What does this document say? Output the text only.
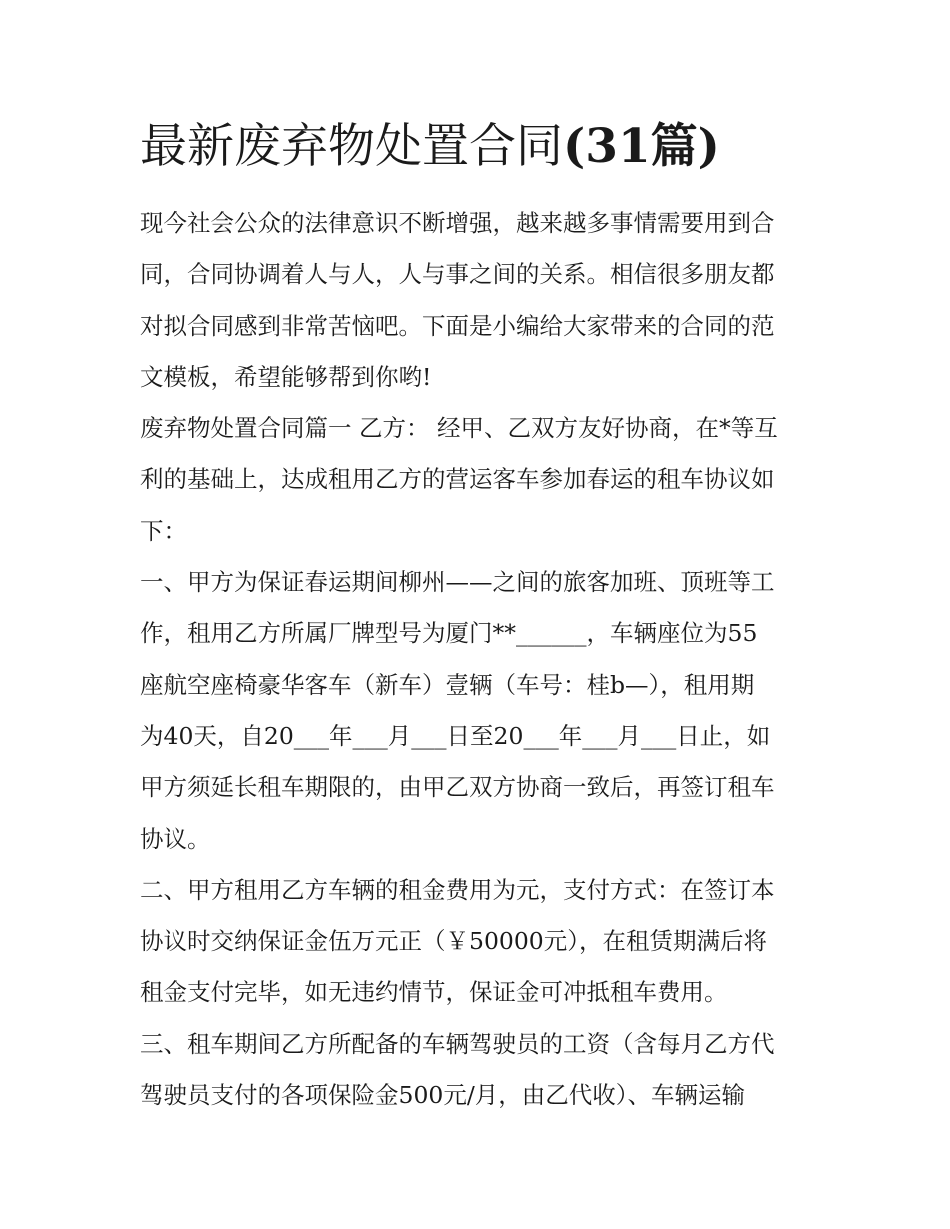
最新废弃物处置合同(31篇)
现今社会公众的法律意识不断增强，越来越多事情需要用到合
同，合同协调着人与人，人与事之间的关系。相信很多朋友都
对拟合同感到非常苦恼吧。下面是小编给大家带来的合同的范
文模板，希望能够帮到你哟!
废弃物处置合同篇一 乙方： 经甲、乙双方友好协商，在*等互
利的基础上，达成租用乙方的营运客车参加春运的租车协议如
下：
一、甲方为保证春运期间柳州——之间的旅客加班、顶班等工
作，租用乙方所属厂牌型号为厦门**______，车辆座位为55
座航空座椅豪华客车（新车）壹辆（车号：桂b—），租用期
为40天，自20___年___月___日至20___年___月___日止，如
甲方须延长租车期限的，由甲乙双方协商一致后，再签订租车
协议。
二、甲方租用乙方车辆的租金费用为元，支付方式：在签订本
协议时交纳保证金伍万元正（￥50000元），在租赁期满后将
租金支付完毕，如无违约情节，保证金可冲抵租车费用。
三、租车期间乙方所配备的车辆驾驶员的工资（含每月乙方代
驾驶员支付的各项保险金500元/月，由乙代收）、车辆运输
